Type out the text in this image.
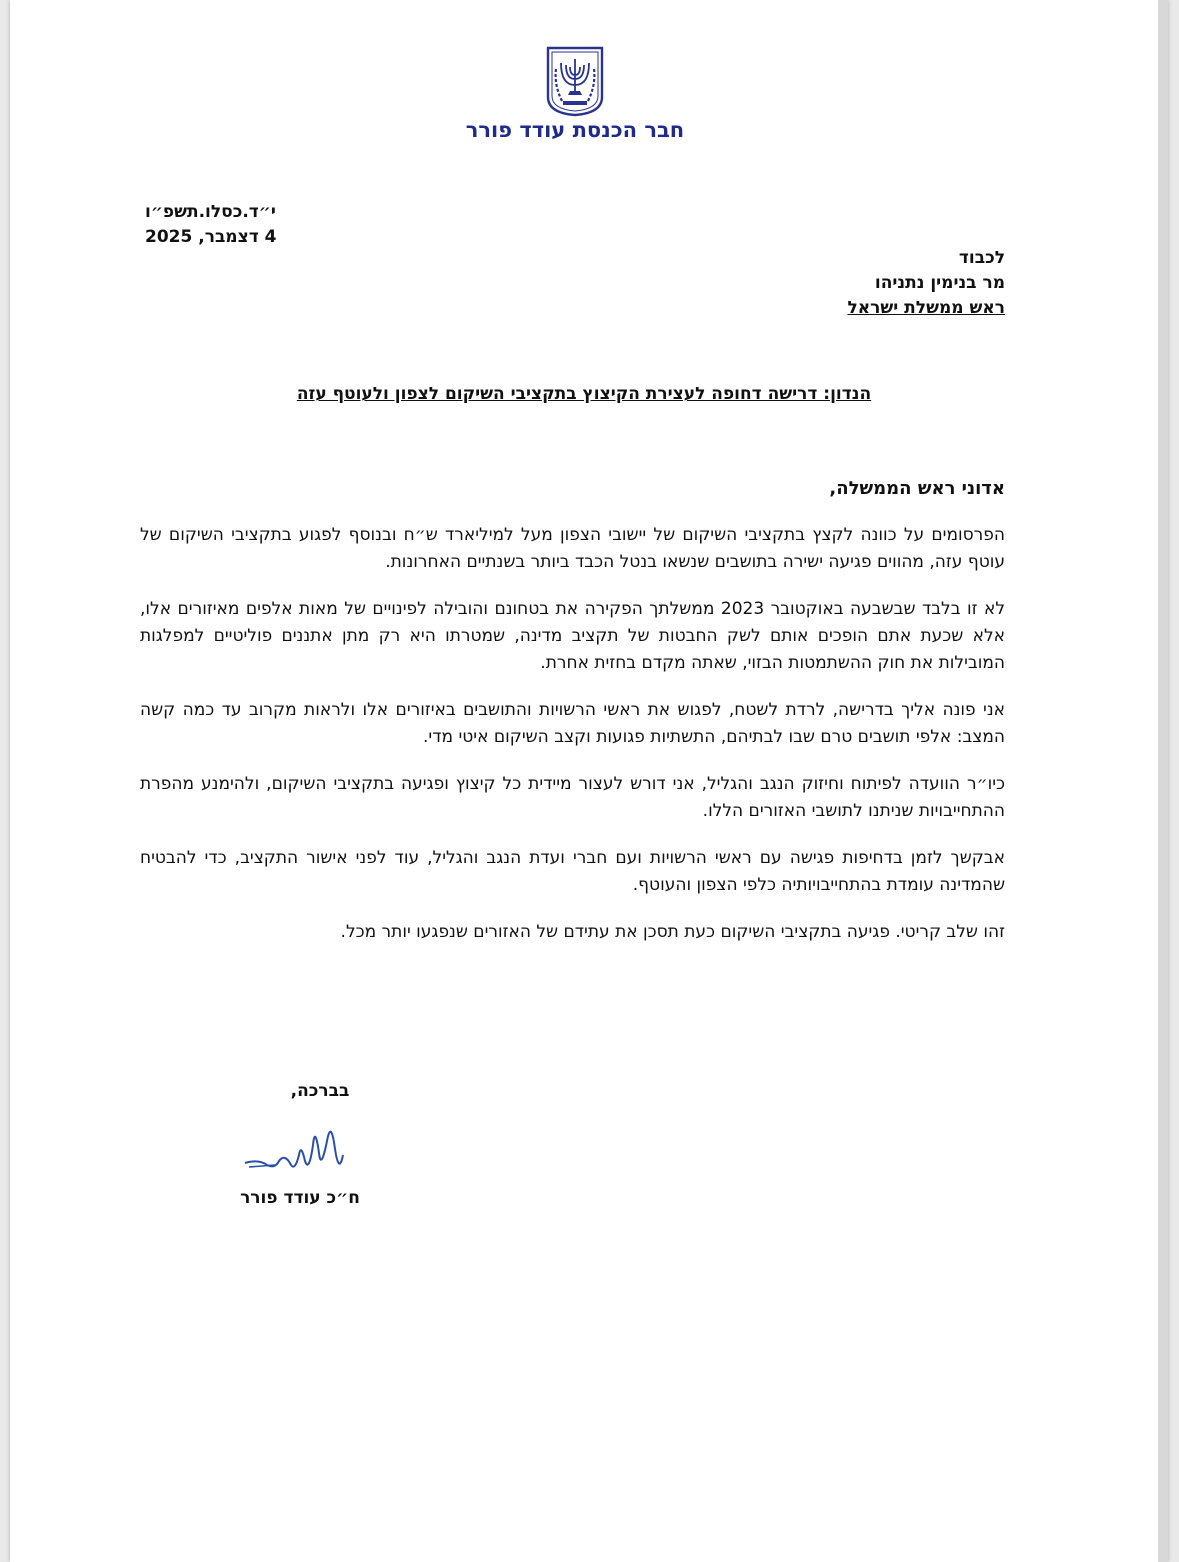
חבר הכנסת עודד פורר
י״ד.כסלו.תשפ״ו
4 דצמבר, 2025
לכבוד
מר בנימין נתניהו
ראש ממשלת ישראל
הנדון: דרישה דחופה לעצירת הקיצוץ בתקציבי השיקום לצפון ולעוטף עזה
אדוני ראש הממשלה,

הפרסומים על כוונה לקצץ בתקציבי השיקום של יישובי הצפון מעל למיליארד ש״ח ובנוסף לפגוע בתקציבי השיקום של עוטף עזה, מהווים פגיעה ישירה בתושבים שנשאו בנטל הכבד ביותר בשנתיים האחרונות.

לא זו בלבד שבשבעה באוקטובר 2023 ממשלתך הפקירה את בטחונם והובילה לפינויים של מאות אלפים מאיזורים אלו, אלא שכעת אתם הופכים אותם לשק החבטות של תקציב מדינה, שמטרתו היא רק מתן אתננים פוליטיים למפלגות המובילות את חוק ההשתמטות הבזוי, שאתה מקדם בחזית אחרת.

אני פונה אליך בדרישה, לרדת לשטח, לפגוש את ראשי הרשויות והתושבים באיזורים אלו ולראות מקרוב עד כמה קשה המצב: אלפי תושבים טרם שבו לבתיהם, התשתיות פגועות וקצב השיקום איטי מדי.

כיו״ר הוועדה לפיתוח וחיזוק הנגב והגליל, אני דורש לעצור מיידית כל קיצוץ ופגיעה בתקציבי השיקום, ולהימנע מהפרת ההתחייבויות שניתנו לתושבי האזורים הללו.

אבקשך לזמן בדחיפות פגישה עם ראשי הרשויות ועם חברי ועדת הנגב והגליל, עוד לפני אישור התקציב, כדי להבטיח שהמדינה עומדת בהתחייבויותיה כלפי הצפון והעוטף.

זהו שלב קריטי. פגיעה בתקציבי השיקום כעת תסכן את עתידם של האזורים שנפגעו יותר מכל.

בברכה,
ח״כ עודד פורר
